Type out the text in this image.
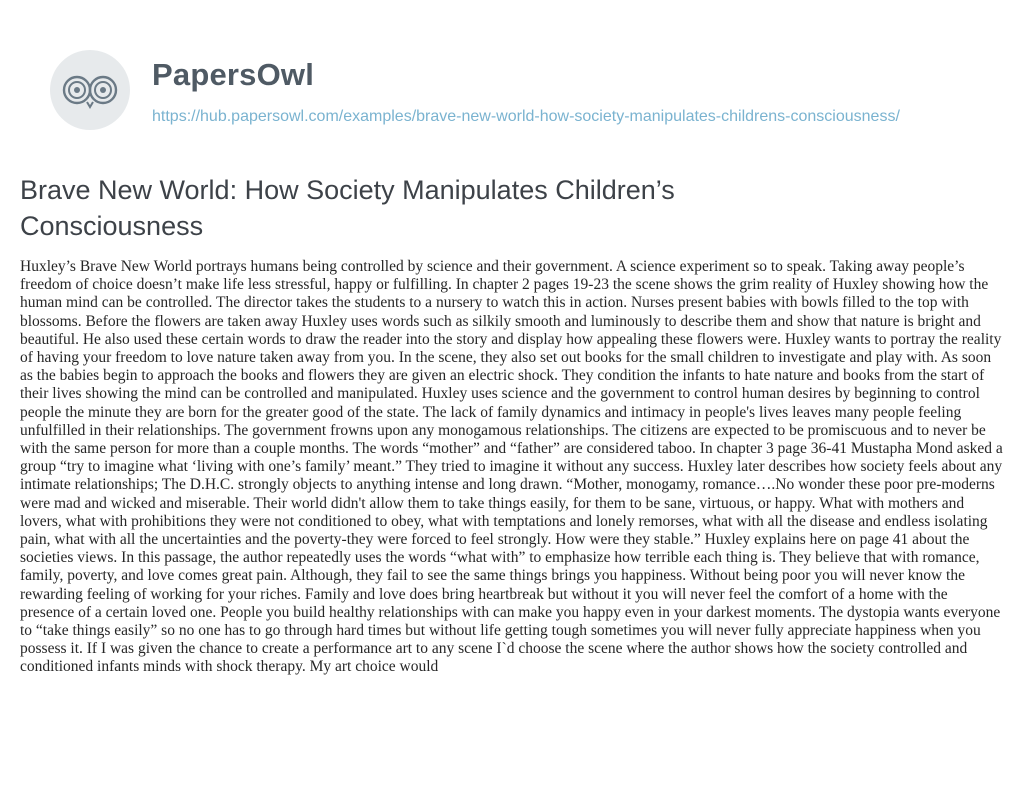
PapersOwl
https://hub.papersowl.com/examples/brave-new-world-how-society-manipulates-childrens-consciousness/
Brave New World: How Society Manipulates Children’s Consciousness

Huxley’s Brave New World portrays humans being controlled by science and their government. A science experiment so to speak. Taking away people’s freedom of choice doesn’t make life less stressful, happy or fulfilling. In chapter 2 pages 19-23 the scene shows the grim reality of Huxley showing how the human mind can be controlled. The director takes the students to a nursery to watch this in action. Nurses present babies with bowls filled to the top with blossoms. Before the flowers are taken away Huxley uses words such as silkily smooth and luminously to describe them and show that nature is bright and beautiful. He also used these certain words to draw the reader into the story and display how appealing these flowers were. Huxley wants to portray the reality of having your freedom to love nature taken away from you. In the scene, they also set out books for the small children to investigate and play with. As soon as the babies begin to approach the books and flowers they are given an electric shock. They condition the infants to hate nature and books from the start of their lives showing the mind can be controlled and manipulated. Huxley uses science and the government to control human desires by beginning to control people the minute they are born for the greater good of the state. The lack of family dynamics and intimacy in people's lives leaves many people feeling unfulfilled in their relationships. The government frowns upon any monogamous relationships. The citizens are expected to be promiscuous and to never be with the same person for more than a couple months. The words “mother” and “father” are considered taboo. In chapter 3 page 36-41 Mustapha Mond asked a group “try to imagine what ‘living with one’s family’ meant.” They tried to imagine it without any success. Huxley later describes how society feels about any intimate relationships; The D.H.C. strongly objects to anything intense and long drawn. “Mother, monogamy, romance….No wonder these poor pre-moderns were mad and wicked and miserable. Their world didn't allow them to take things easily, for them to be sane, virtuous, or happy. What with mothers and lovers, what with prohibitions they were not conditioned to obey, what with temptations and lonely remorses, what with all the disease and endless isolating pain, what with all the uncertainties and the poverty-they were forced to feel strongly. How were they stable.” Huxley explains here on page 41 about the societies views. In this passage, the author repeatedly uses the words “what with” to emphasize how terrible each thing is. They believe that with romance, family, poverty, and love comes great pain. Although, they fail to see the same things brings you happiness. Without being poor you will never know the rewarding feeling of working for your riches. Family and love does bring heartbreak but without it you will never feel the comfort of a home with the presence of a certain loved one. People you build healthy relationships with can make you happy even in your darkest moments. The dystopia wants everyone to “take things easily” so no one has to go through hard times but without life getting tough sometimes you will never fully appreciate happiness when you possess it. If I was given the chance to create a performance art to any scene I`d choose the scene where the author shows how the society controlled and conditioned infants minds with shock therapy. My art choice would
